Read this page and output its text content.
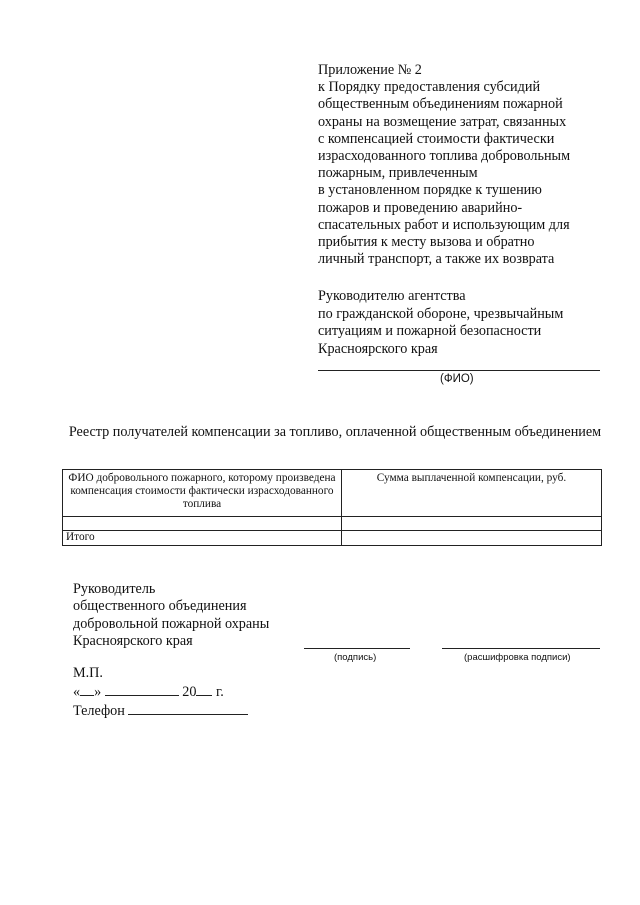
Приложение № 2
к Порядку предоставления субсидий
общественным объединениям пожарной
охраны на возмещение затрат, связанных
с компенсацией стоимости фактически
израсходованного топлива добровольным
пожарным, привлеченным
в установленном порядке к тушению
пожаров и проведению аварийно-
спасательных работ и использующим для
прибытия к месту вызова и обратно
личный транспорт, а также их возврата
Руководителю агентства
по гражданской обороне, чрезвычайным
ситуациям и пожарной безопасности
Красноярского края
(ФИО)
Реестр получателей компенсации за топливо, оплаченной общественным объединением
ФИО добровольного пожарного, которому произведена компенсация стоимости фактически израсходованного топлива	Сумма выплаченной компенсации, руб.

Итого	
Руководитель
общественного объединения
добровольной пожарной охраны
Красноярского края
(подпись)	(расшифровка подписи)
М.П.
« »	20 г.
Телефон
